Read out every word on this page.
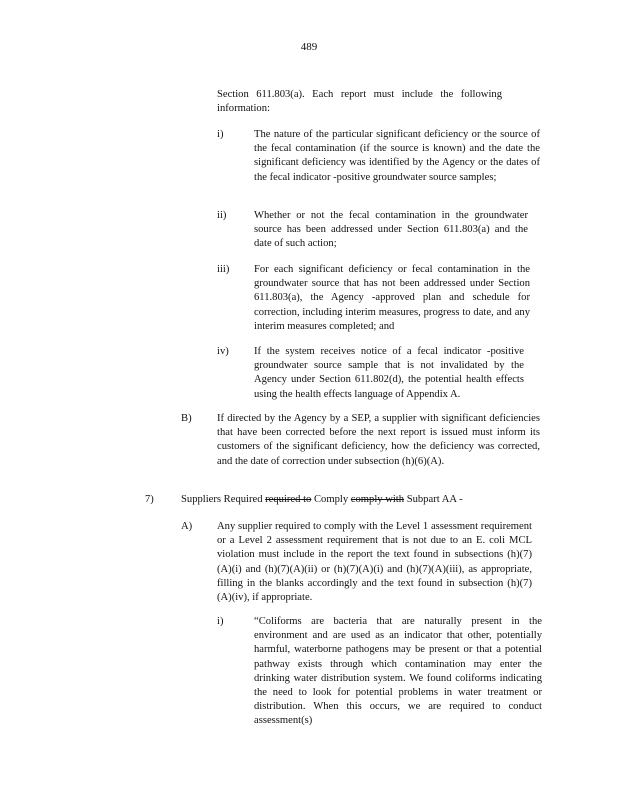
489

Section 611.803(a). Each report must include the following information:

i)	The nature of the particular significant deficiency or the source of the fecal contamination (if the source is known) and the date the significant deficiency was identified by the Agency or the dates of the fecal indicator -positive groundwater source samples;

ii)	Whether or not the fecal contamination in the groundwater source has been addressed under Section 611.803(a) and the date of such action;

iii) For each significant deficiency or fecal contamination in the groundwater source that has not been addressed under Section 611.803(a), the Agency -approved plan and schedule for correction, including interim measures, progress to date, and any interim measures completed; and

iv) If the system receives notice of a fecal indicator -positive groundwater source sample that is not invalidated by the Agency under Section 611.802(d), the potential health effects using the health effects language of Appendix A.

B) If directed by the Agency by a SEP, a supplier with significant deficiencies that have been corrected before the next report is issued must inform its customers of the significant deficiency, how the deficiency was corrected, and the date of correction under subsection (h)(6)(A).

7)	Suppliers Required required to Comply comply with Subpart AA -

A) Any supplier required to comply with the Level 1 assessment requirement or a Level 2 assessment requirement that is not due to an E. coli MCL violation must include in the report the text found in subsections (h)(7)(A)(i) and (h)(7)(A)(ii) or (h)(7)(A)(i) and (h)(7)(A)(iii), as appropriate, filling in the blanks accordingly and the text found in subsection (h)(7)(A)(iv), if appropriate.

i)	“Coliforms are bacteria that are naturally present in the environment and are used as an indicator that other, potentially harmful, waterborne pathogens may be present or that a potential pathway exists through which contamination may enter the drinking water distribution system. We found coliforms indicating the need to look for potential problems in water treatment or distribution. When this occurs, we are required to conduct assessment(s)
